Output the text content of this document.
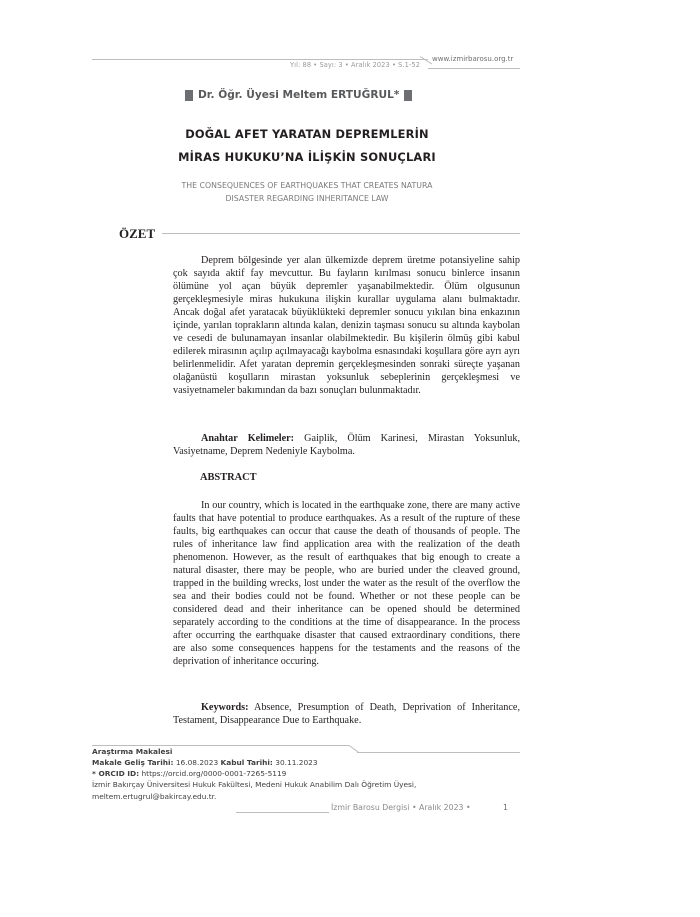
Yıl: 88 • Sayı: 3 • Aralık 2023 • S.1-52
www.izmirbarosu.org.tr
Dr. Öğr. Üyesi Meltem ERTUĞRUL*
DOĞAL AFET YARATAN DEPREMLERİN
MİRAS HUKUKU’NA İLİŞKİN SONUÇLARI
THE CONSEQUENCES OF EARTHQUAKES THAT CREATES NATURA
DISASTER REGARDING INHERITANCE LAW
ÖZET
Deprem bölgesinde yer alan ülkemizde deprem üretme potansiyeline sahip çok sayıda aktif fay mevcuttur. Bu fayların kırılması sonucu binlerce insanın ölümüne yol açan büyük depremler yaşanabilmektedir. Ölüm olgusunun gerçekleşmesiyle miras hukukuna ilişkin kurallar uygulama alanı bulmaktadır. Ancak doğal afet yaratacak büyüklükteki depremler sonucu yıkılan bina enkazının içinde, yarılan toprakların altında kalan, denizin taşması sonucu su altında kaybolan ve cesedi de bulunamayan insanlar olabilmektedir. Bu kişilerin ölmüş gibi kabul edilerek mirasının açılıp açılmayacağı kaybolma esnasındaki koşullara göre ayrı ayrı belirlenmelidir. Afet yaratan depremin gerçekleşmesinden sonraki süreçte yaşanan olağanüstü koşulların mirastan yoksunluk sebeplerinin gerçekleşmesi ve vasiyetnameler bakımından da bazı sonuçları bulunmaktadır.
Anahtar Kelimeler: Gaiplik, Ölüm Karinesi, Mirastan Yoksunluk, Vasiyetname, Deprem Nedeniyle Kaybolma.
ABSTRACT
In our country, which is located in the earthquake zone, there are many active faults that have potential to produce earthquakes. As a result of the rupture of these faults, big earthquakes can occur that cause the death of thousands of people. The rules of inheritance law find application area with the realization of the death phenomenon. However, as the result of earthquakes that big enough to create a natural disaster, there may be people, who are buried under the cleaved ground, trapped in the building wrecks, lost under the water as the result of the overflow the sea and their bodies could not be found. Whether or not these people can be considered dead and their inheritance can be opened should be determined separately according to the conditions at the time of disappearance. In the process after occurring the earthquake disaster that caused extraordinary conditions, there are also some consequences happens for the testaments and the reasons of the deprivation of inheritance occuring.
Keywords: Absence, Presumption of Death, Deprivation of Inheritance, Testament, Disappearance Due to Earthquake.
Araştırma Makalesi
Makale Geliş Tarihi: 16.08.2023 Kabul Tarihi: 30.11.2023
* ORCID ID: https://orcid.org/0000-0001-7265-5119
İzmir Bakırçay Üniversitesi Hukuk Fakültesi, Medeni Hukuk Anabilim Dalı Öğretim Üyesi,
meltem.ertugrul@bakircay.edu.tr.
İzmir Barosu Dergisi • Aralık 2023 •	1
